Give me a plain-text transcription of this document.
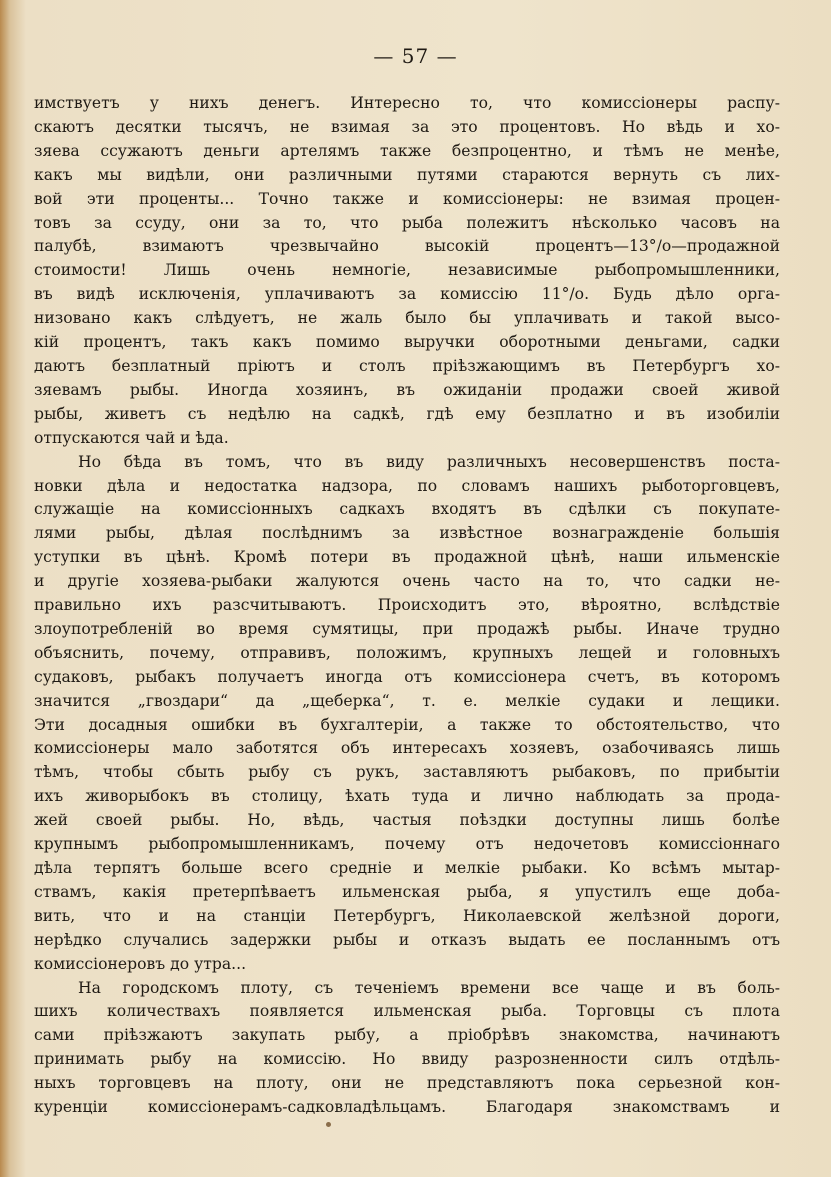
— 57 —
имствуетъ у нихъ денегъ. Интересно то, что комиссіонеры распу-
скаютъ десятки тысячъ, не взимая за это процентовъ. Но вѣдь и хо-
зяева ссужаютъ деньги артелямъ также безпроцентно, и тѣмъ не менѣе,
какъ мы видѣли, они различными путями стараются вернуть съ лих-
вой эти проценты... Точно также и комиссіонеры: не взимая процен-
товъ за ссуду, они за то, что рыба полежитъ нѣсколько часовъ на
палубѣ, взимаютъ чрезвычайно высокій процентъ—13°/о—продажной
стоимости! Лишь очень немногіе, независимые рыбопромышленники,
въ видѣ исключенія, уплачиваютъ за комиссію 11°/о. Будь дѣло орга-
низовано какъ слѣдуетъ, не жаль было бы уплачивать и такой высо-
кій процентъ, такъ какъ помимо выручки оборотными деньгами, садки
даютъ безплатный пріютъ и столъ пріѣзжающимъ въ Петербургъ хо-
зяевамъ рыбы. Иногда хозяинъ, въ ожиданіи продажи своей живой
рыбы, живетъ съ недѣлю на садкѣ, гдѣ ему безплатно и въ изобиліи
отпускаются чай и ѣда.
Но бѣда въ томъ, что въ виду различныхъ несовершенствъ поста-
новки дѣла и недостатка надзора, по словамъ нашихъ рыботорговцевъ,
служащіе на комиссіонныхъ садкахъ входятъ въ сдѣлки съ покупате-
лями рыбы, дѣлая послѣднимъ за извѣстное вознагражденіе большія
уступки въ цѣнѣ. Кромѣ потери въ продажной цѣнѣ, наши ильменскіе
и другіе хозяева-рыбаки жалуются очень часто на то, что садки не-
правильно ихъ разсчитываютъ. Происходитъ это, вѣроятно, вслѣдствіе
злоупотребленій во время сумятицы, при продажѣ рыбы. Иначе трудно
объяснить, почему, отправивъ, положимъ, крупныхъ лещей и головныхъ
судаковъ, рыбакъ получаетъ иногда отъ комиссіонера счетъ, въ которомъ
значится „гвоздари“ да „щеберка“, т. е. мелкіе судаки и лещики.
Эти досадныя ошибки въ бухгалтеріи, а также то обстоятельство, что
комиссіонеры мало заботятся объ интересахъ хозяевъ, озабочиваясь лишь
тѣмъ, чтобы сбыть рыбу съ рукъ, заставляютъ рыбаковъ, по прибытіи
ихъ живорыбокъ въ столицу, ѣхать туда и лично наблюдать за прода-
жей своей рыбы. Но, вѣдь, частыя поѣздки доступны лишь болѣе
крупнымъ рыбопромышленникамъ, почему отъ недочетовъ комиссіоннаго
дѣла терпятъ больше всего средніе и мелкіе рыбаки. Ко всѣмъ мытар-
ствамъ, какія претерпѣваетъ ильменская рыба, я упустилъ еще доба-
вить, что и на станціи Петербургъ, Николаевской желѣзной дороги,
нерѣдко случались задержки рыбы и отказъ выдать ее посланнымъ отъ
комиссіонеровъ до утра...
На городскомъ плоту, съ теченіемъ времени все чаще и въ боль-
шихъ количествахъ появляется ильменская рыба. Торговцы съ плота
сами пріѣзжаютъ закупать рыбу, а пріобрѣвъ знакомства, начинаютъ
принимать рыбу на комиссію. Но ввиду разрозненности силъ отдѣль-
ныхъ торговцевъ на плоту, они не представляютъ пока серьезной кон-
куренціи комиссіонерамъ-садковладѣльцамъ. Благодаря знакомствамъ и
